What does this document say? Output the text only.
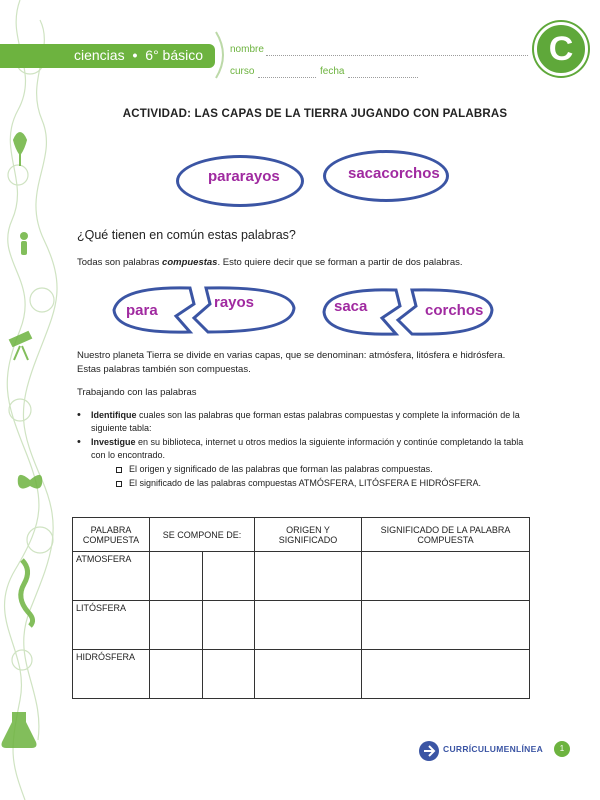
ciencias • 6° básico	nombre
curso	fecha
C
ACTIVIDAD: LAS CAPAS DE LA TIERRA JUGANDO CON PALABRAS
pararayos	sacacorchos
¿Qué tienen en común estas palabras?
Todas son palabras compuestas. Esto quiere decir que se forman a partir de dos palabras.
para	rayos	saca	corchos
Nuestro planeta Tierra se divide en varias capas, que se denominan: atmósfera, litósfera e hidrósfera. Estas palabras también son compuestas.
Trabajando con las palabras
• Identifique cuales son las palabras que forman estas palabras compuestas y complete la información de la siguiente tabla:
• Investigue en su biblioteca, internet u otros medios la siguiente información y continúe completando la tabla con lo encontrado.
El origen y significado de las palabras que forman las palabras compuestas.
El significado de las palabras compuestas ATMÓSFERA, LITÓSFERA E HIDRÓSFERA.
PALABRA COMPUESTA	SE COMPONE DE:		ORIGEN Y SIGNIFICADO	SIGNIFICADO DE LA PALABRA COMPUESTA
ATMOSFERA				
LITÓSFERA				
HIDRÓSFERA				
CURRÍCULUMENLÍNEA	1
